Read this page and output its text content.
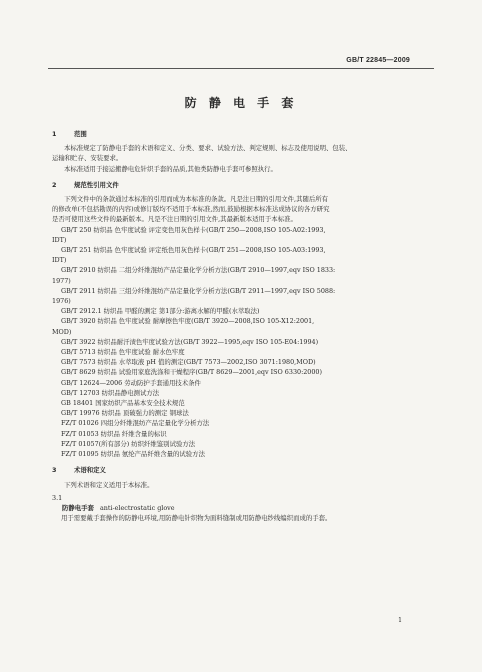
GB/T 22845—2009
防 静 电 手 套
1	范围

本标准规定了防静电手套的术语和定义、分类、要求、试验方法、判定规则、标志及使用说明、包装、

运输和贮存、安装要求。

本标准适用于接运搬静电危针织手套的品质,其他类防静电手套可参照执行。

2	规范性引用文件

下列文件中的条款通过本标准的引用而成为本标准的条款。凡是注日期的引用文件,其随后所有

的修改单(不包括勘误的内容)或修订版均不适用于本标准,然而,鼓励根据本标准达成协议的各方研究

是否可使用这些文件的最新版本。凡是不注日期的引用文件,其最新版本适用于本标准。

GB/T 250 纺织品 色牢度试验 评定变色用灰色样卡(GB/T 250—2008,ISO 105-A02:1993,

IDT)

GB/T 251 纺织品 色牢度试验 评定纸色用灰色样卡(GB/T 251—2008,ISO 105-A03:1993,

IDT)

GB/T 2910 纺织品 二组分纤维混纺产品定量化学分析方法(GB/T 2910—1997,eqv ISO 1833:

1977)

GB/T 2911 纺织品 三组分纤维混纺产品定量化学分析方法(GB/T 2911—1997,eqv ISO 5088:

1976)

GB/T 2912.1 纺织品 甲醛的测定 第1部分:游离水解的甲醛(水萃取法)

GB/T 3920 纺织品 色牢度试验 耐摩擦色牢度(GB/T 3920—2008,ISO 105-X12:2001,

MOD)

GB/T 3922 纺织品耐汗渍色牢度试验方法(GB/T 3922—1995,eqv ISO 105-E04:1994)

GB/T 5713 纺织品 色牢度试验 耐水色牢度

GB/T 7573 纺织品 水萃取液 pH 值的测定(GB/T 7573—2002,ISO 3071:1980,MOD)

GB/T 8629 纺织品 试验用家庭洗涤和干燥程序(GB/T 8629—2001,eqv ISO 6330:2000)

GB/T 12624—2006 劳动防护手套通用技术条件

GB/T 12703 纺织品静电测试方法

GB 18401 国家纺织产品基本安全技术规范

GB/T 19976 纺织品 顶破强力的测定 钢球法

FZ/T 01026 四组分纤维混纺产品定量化学分析方法

FZ/T 01053 纺织品 纤维含量的标识

FZ/T 01057(所有部分) 纺织纤维鉴别试验方法

FZ/T 01095 纺织品 氨纶产品纤维含量的试验方法

3	术语和定义

下列术语和定义适用于本标准。

3.1
防静电手套 anti-electrostatic glove

用于需要戴手套操作的防静电环境,用防静电针织物为面料缝制或用防静电纱线编织而成的手套。

1
